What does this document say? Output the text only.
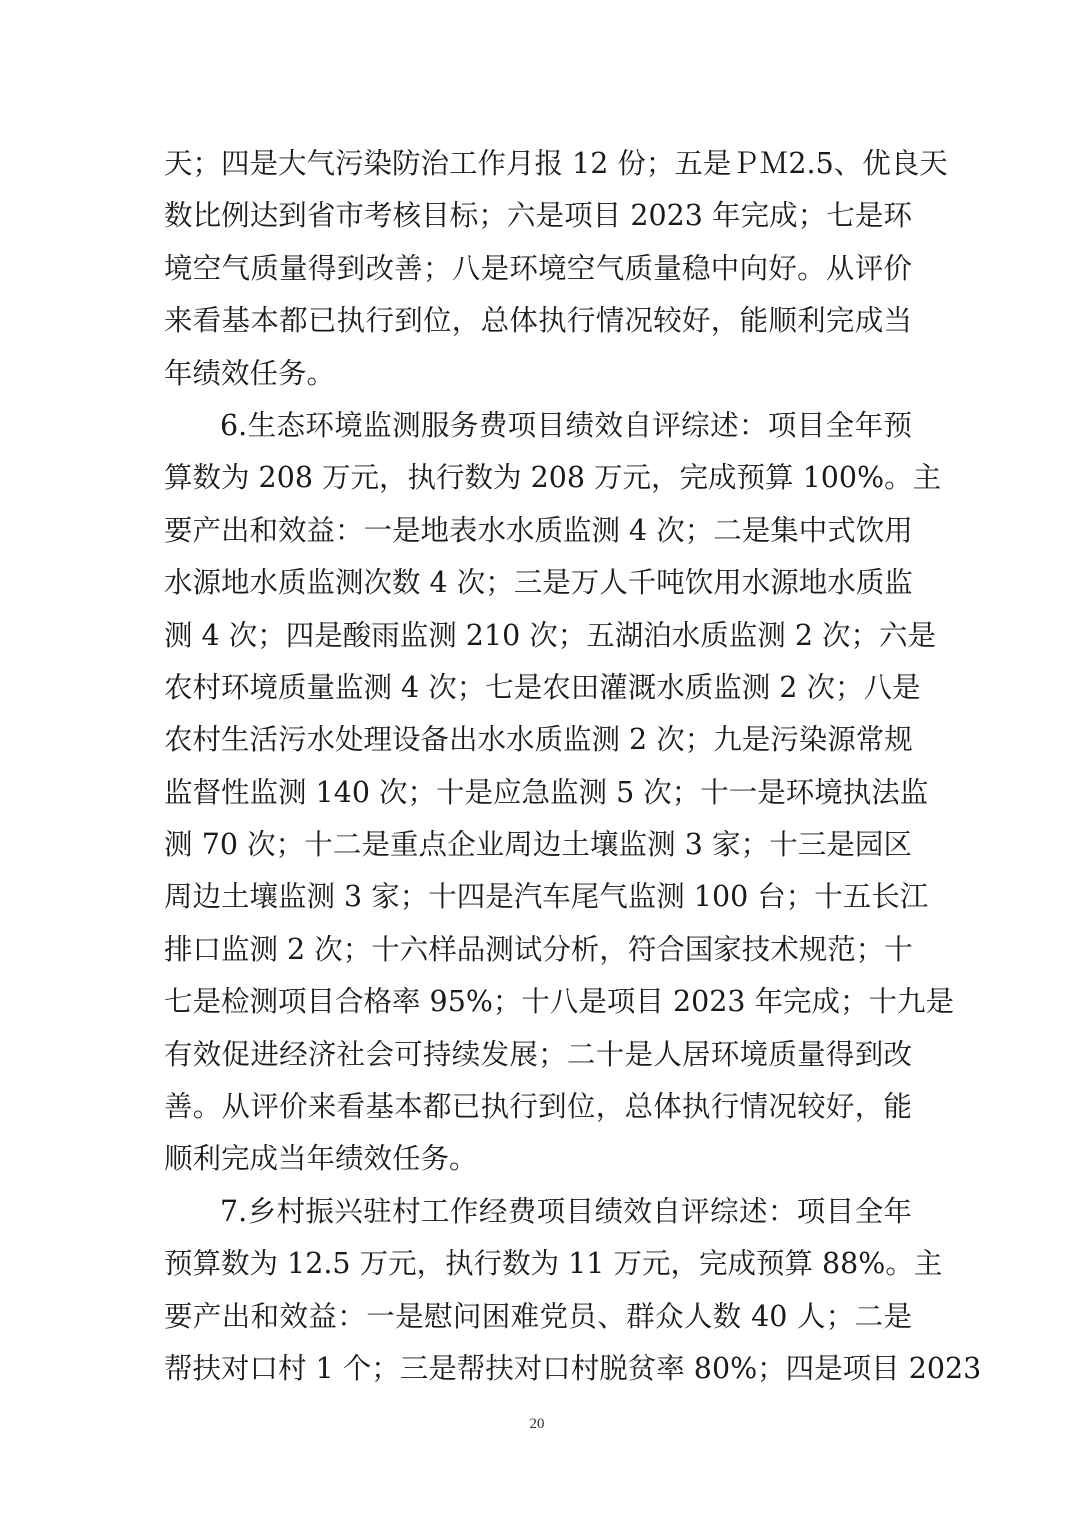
天；四是大气污染防治工作月报 12 份；五是ＰＭ2.5、优良天
数比例达到省市考核目标；六是项目 2023 年完成；七是环
境空气质量得到改善；八是环境空气质量稳中向好。从评价
来看基本都已执行到位，总体执行情况较好，能顺利完成当
年绩效任务。
6.生态环境监测服务费项目绩效自评综述：项目全年预
算数为 208 万元，执行数为 208 万元，完成预算 100%。主
要产出和效益：一是地表水水质监测 4 次；二是集中式饮用
水源地水质监测次数 4 次；三是万人千吨饮用水源地水质监
测 4 次；四是酸雨监测 210 次；五湖泊水质监测 2 次；六是
农村环境质量监测 4 次；七是农田灌溉水质监测 2 次；八是
农村生活污水处理设备出水水质监测 2 次；九是污染源常规
监督性监测 140 次；十是应急监测 5 次；十一是环境执法监
测 70 次；十二是重点企业周边土壤监测 3 家；十三是园区
周边土壤监测 3 家；十四是汽车尾气监测 100 台；十五长江
排口监测 2 次；十六样品测试分析，符合国家技术规范；十
七是检测项目合格率 95%；十八是项目 2023 年完成；十九是
有效促进经济社会可持续发展；二十是人居环境质量得到改
善。从评价来看基本都已执行到位，总体执行情况较好，能
顺利完成当年绩效任务。
7.乡村振兴驻村工作经费项目绩效自评综述：项目全年
预算数为 12.5 万元，执行数为 11 万元，完成预算 88%。主
要产出和效益：一是慰问困难党员、群众人数 40 人；二是
帮扶对口村 1 个；三是帮扶对口村脱贫率 80%；四是项目 2023
20
